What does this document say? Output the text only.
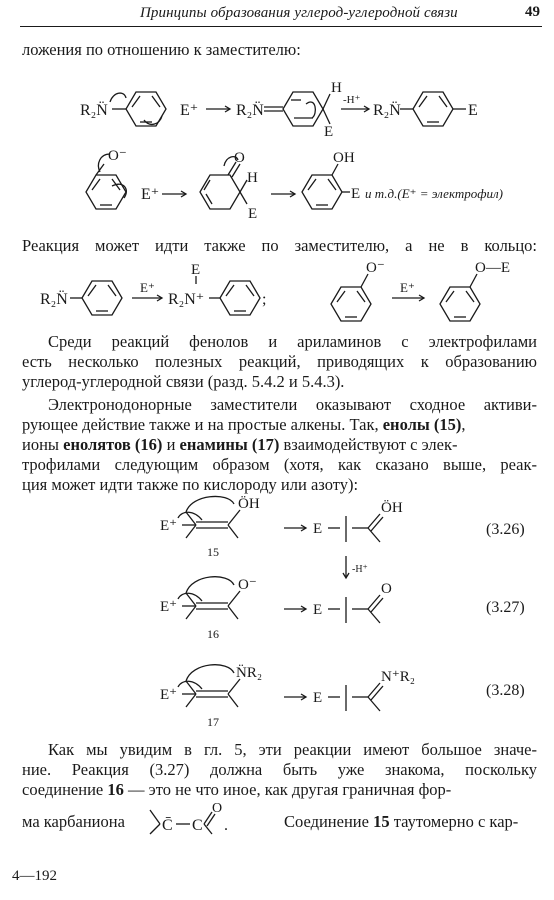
Принципы образования углерод-углеродной связи	49
ложения по отношению к заместителю:
R₂N̈	E⁺ R₂N̈
H
E
-H⁺
R₂N̈	E
O⁻
E⁺
O
H
E
OH
E и т.д.(E⁺ = электрофил)
Реакция может идти также по заместителю, а не в кольцо:
R₂N̈
E⁺
E
R₂N⁺	;
O⁻
E⁺
O—E
Среди реакций фенолов и ариламинов с электрофилами
есть несколько полезных реакций, приводящих к образованию
углерод-углеродной связи (разд. 5.4.2 и 5.4.3).
Электронодонорные заместители оказывают сходное активи-
рующее действие также и на простые алкены. Так, енолы (15),
ионы енолятов (16) и енамины (17) взаимодействуют с элек-
трофилами следующим образом (хотя, как сказано выше, реак-
ция может идти также по кислороду или азоту):
E⁺
ÖH
15
E
ÖH
-H⁺
E⁺
O⁻
16
E
O
E⁺
N̈R₂
17
E
N⁺R₂
(3.26)
(3.27)
(3.28)
Как мы увидим в гл. 5, эти реакции имеют большое значе-
ние. Реакция (3.27) должна быть уже знакома, поскольку
соединение 16 — это не что иное, как другая граничная фор-
ма карбаниона C̄ C
O
.	Соединение 15 таутомерно с кар-
4—192
